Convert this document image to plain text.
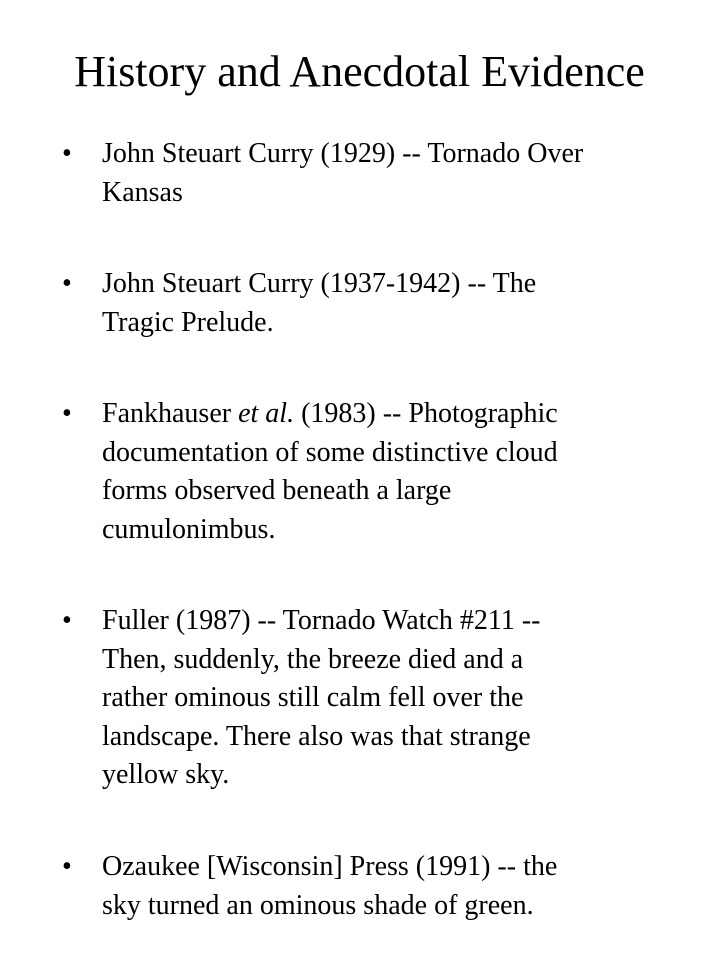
History and Anecdotal Evidence
•	John Steuart Curry (1929) -- Tornado Over
Kansas
•	John Steuart Curry (1937-1942) -- The
Tragic Prelude.
•	Fankhauser et al. (1983) -- Photographic
documentation of some distinctive cloud
forms observed beneath a large
cumulonimbus.
•	Fuller (1987) -- Tornado Watch #211 --
Then, suddenly, the breeze died and a
rather ominous still calm fell over the
landscape. There also was that strange
yellow sky.
•	Ozaukee [Wisconsin] Press (1991) -- the
sky turned an ominous shade of green.
